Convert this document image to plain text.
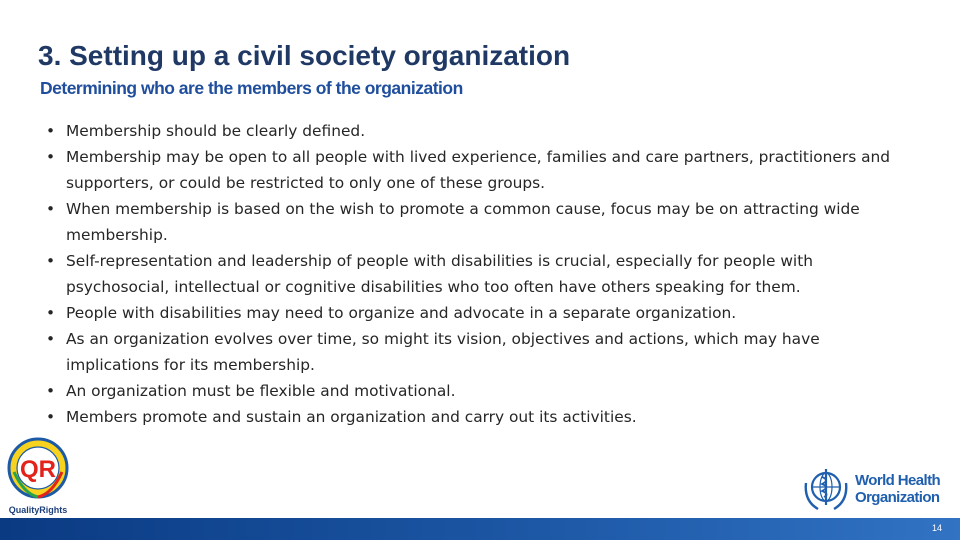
3. Setting up a civil society organization
Determining who are the members of the organization
• Membership should be clearly defined.
• Membership may be open to all people with lived experience, families and care partners, practitioners and supporters, or could be restricted to only one of these groups.
• When membership is based on the wish to promote a common cause, focus may be on attracting wide membership.
• Self-representation and leadership of people with disabilities is crucial, especially for people with psychosocial, intellectual or cognitive disabilities who too often have others speaking for them.
• People with disabilities may need to organize and advocate in a separate organization.
• As an organization evolves over time, so might its vision, objectives and actions, which may have implications for its membership.
• An organization must be flexible and motivational.
• Members promote and sustain an organization and carry out its activities.
QR
QualityRights
World Health
Organization
14
